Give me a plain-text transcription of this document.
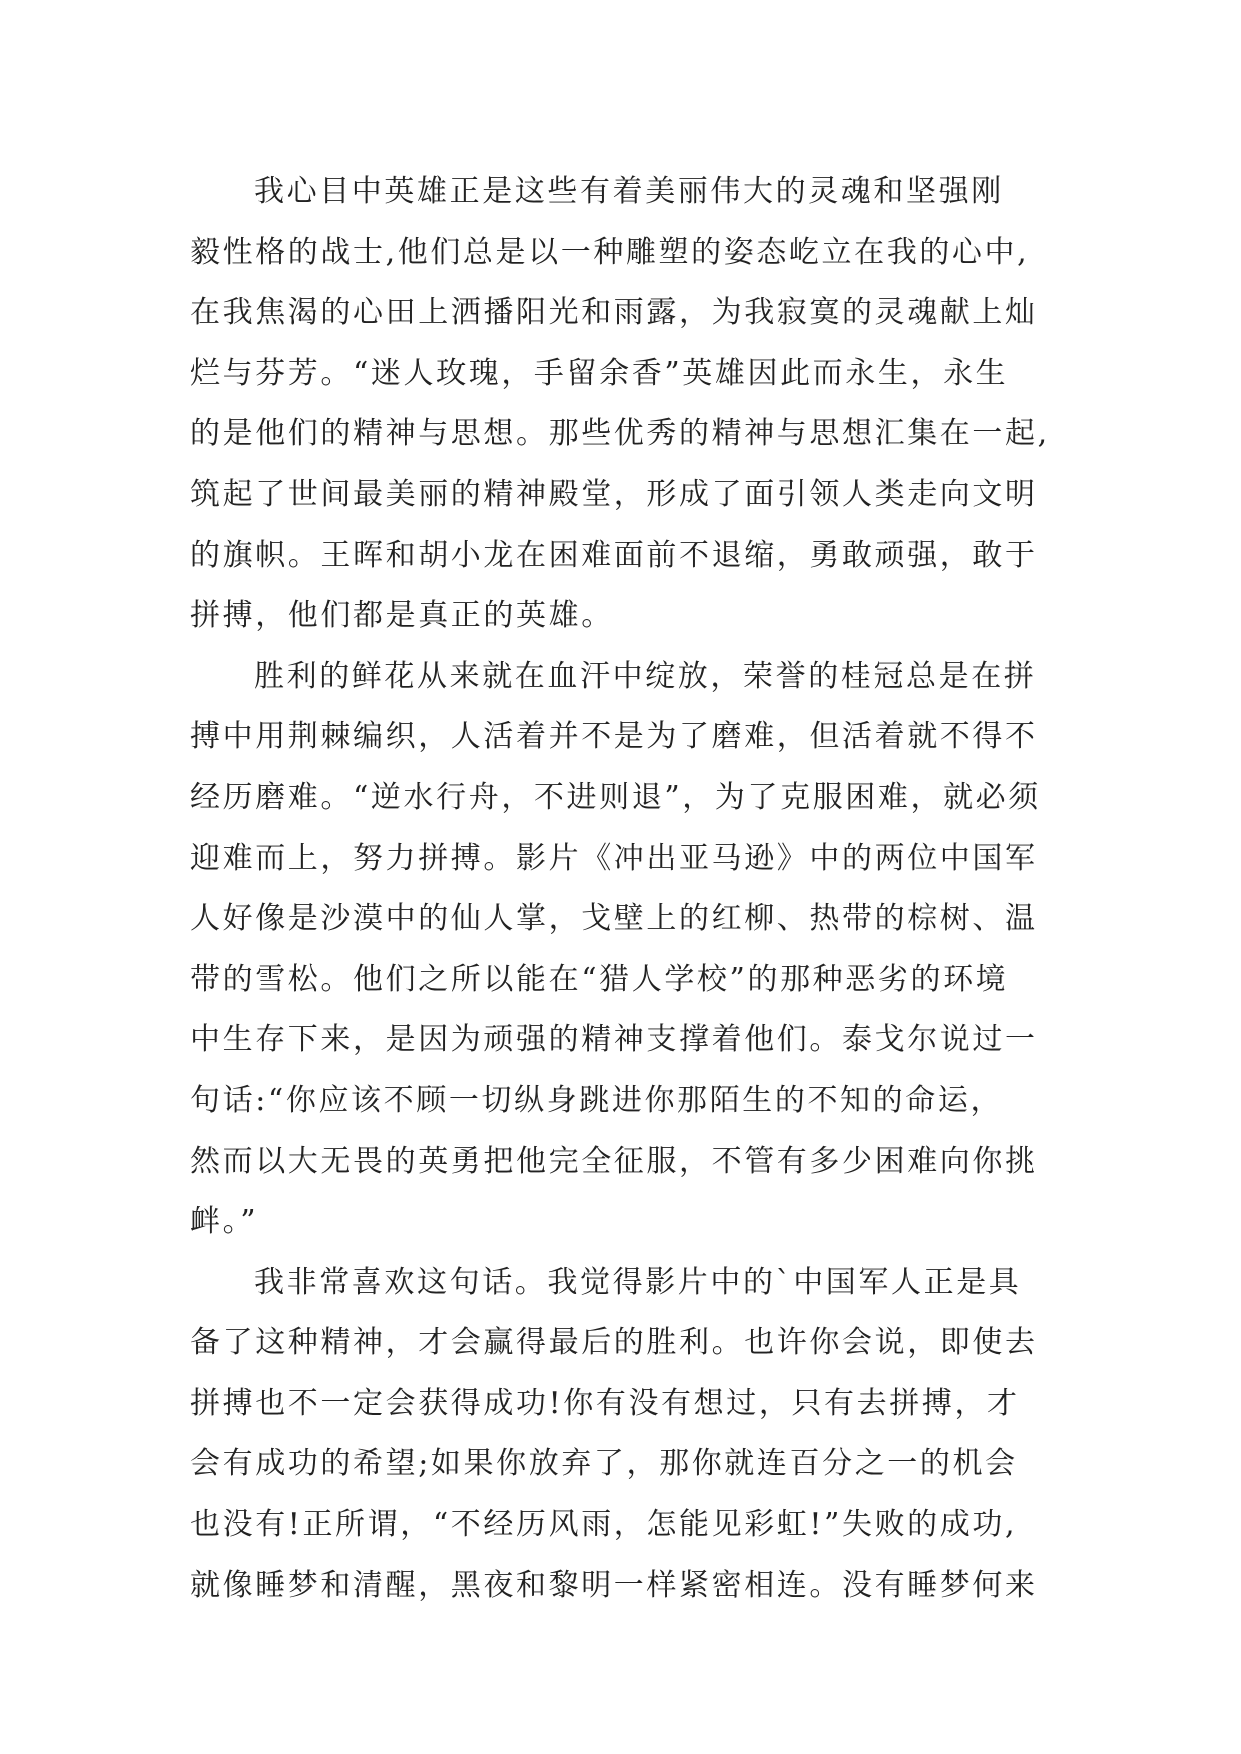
我心目中英雄正是这些有着美丽伟大的灵魂和坚强刚
毅性格的战士,他们总是以一种雕塑的姿态屹立在我的心中,
在我焦渴的心田上洒播阳光和雨露，为我寂寞的灵魂献上灿
烂与芬芳。“迷人玫瑰，手留余香”英雄因此而永生，永生
的是他们的精神与思想。那些优秀的精神与思想汇集在一起,
筑起了世间最美丽的精神殿堂，形成了面引领人类走向文明
的旗帜。王晖和胡小龙在困难面前不退缩，勇敢顽强，敢于
拼搏，他们都是真正的英雄。
胜利的鲜花从来就在血汗中绽放，荣誉的桂冠总是在拼
搏中用荆棘编织，人活着并不是为了磨难，但活着就不得不
经历磨难。“逆水行舟，不进则退”，为了克服困难，就必须
迎难而上，努力拼搏。影片《冲出亚马逊》中的两位中国军
人好像是沙漠中的仙人掌，戈壁上的红柳、热带的棕树、温
带的雪松。他们之所以能在“猎人学校”的那种恶劣的环境
中生存下来，是因为顽强的精神支撑着他们。泰戈尔说过一
句话:“你应该不顾一切纵身跳进你那陌生的不知的命运，
然而以大无畏的英勇把他完全征服，不管有多少困难向你挑
衅。”
我非常喜欢这句话。我觉得影片中的`中国军人正是具
备了这种精神，才会赢得最后的胜利。也许你会说，即使去
拼搏也不一定会获得成功!你有没有想过，只有去拼搏，才
会有成功的希望;如果你放弃了，那你就连百分之一的机会
也没有!正所谓，“不经历风雨，怎能见彩虹!”失败的成功,
就像睡梦和清醒，黑夜和黎明一样紧密相连。没有睡梦何来
